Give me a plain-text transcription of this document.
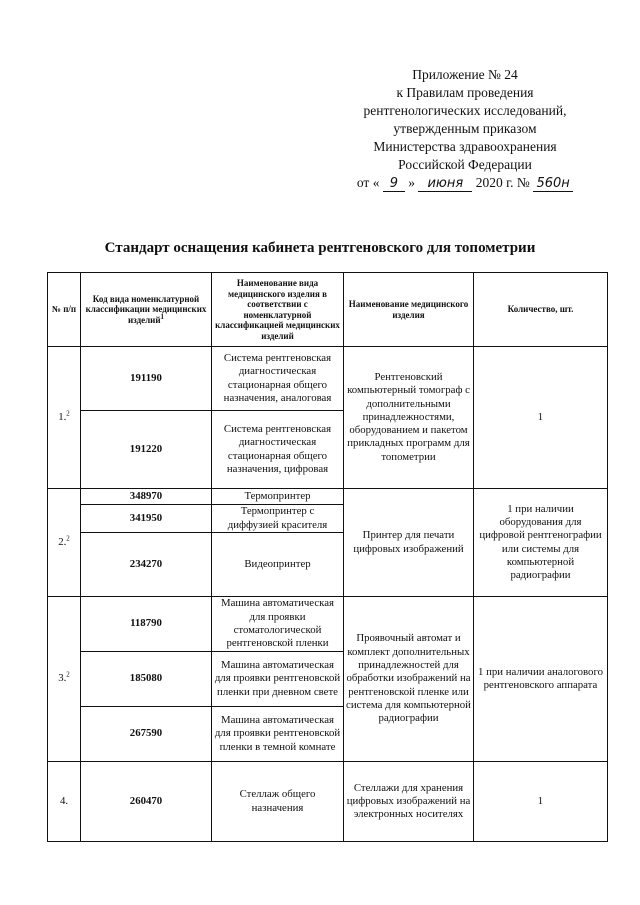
Приложение № 24
к Правилам проведения
рентгенологических исследований,
утвержденным приказом
Министерства здравоохранения
Российской Федерации
от « 9 » июня 2020 г. № 560н
Стандарт оснащения кабинета рентгеновского для топометрии
№ п/п	Код вида номенклатурной классификации медицинских изделий$^1$	Наименование вида медицинского изделия в соответствии с номенклатурной классификацией медицинских изделий	Наименование медицинского изделия	Количество, шт.
1.$^2$	191190	Система рентгеновская диагностическая стационарная общего назначения, аналоговая	Рентгеновский компьютерный томограф с дополнительными принадлежностями, оборудованием и пакетом прикладных программ для топометрии	1
	191220	Система рентгеновская диагностическая стационарная общего назначения, цифровая		
2.$^2$	348970	Термопринтер	Принтер для печати цифровых изображений	1 при наличии оборудования для цифровой рентгенографии или системы для компьютерной радиографии
	341950	Термопринтер с диффузией красителя		
	234270	Видеопринтер		
3.$^2$	118790	Машина автоматическая для проявки стоматологической рентгеновской пленки	Проявочный автомат и комплект дополнительных принадлежностей для обработки изображений на рентгеновской пленке или система для компьютерной радиографии	1 при наличии аналогового рентгеновского аппарата
	185080	Машина автоматическая для проявки рентгеновской пленки при дневном свете		
	267590	Машина автоматическая для проявки рентгеновской пленки в темной комнате		
4.	260470	Стеллаж общего назначения	Стеллажи для хранения цифровых изображений на электронных носителях	1
